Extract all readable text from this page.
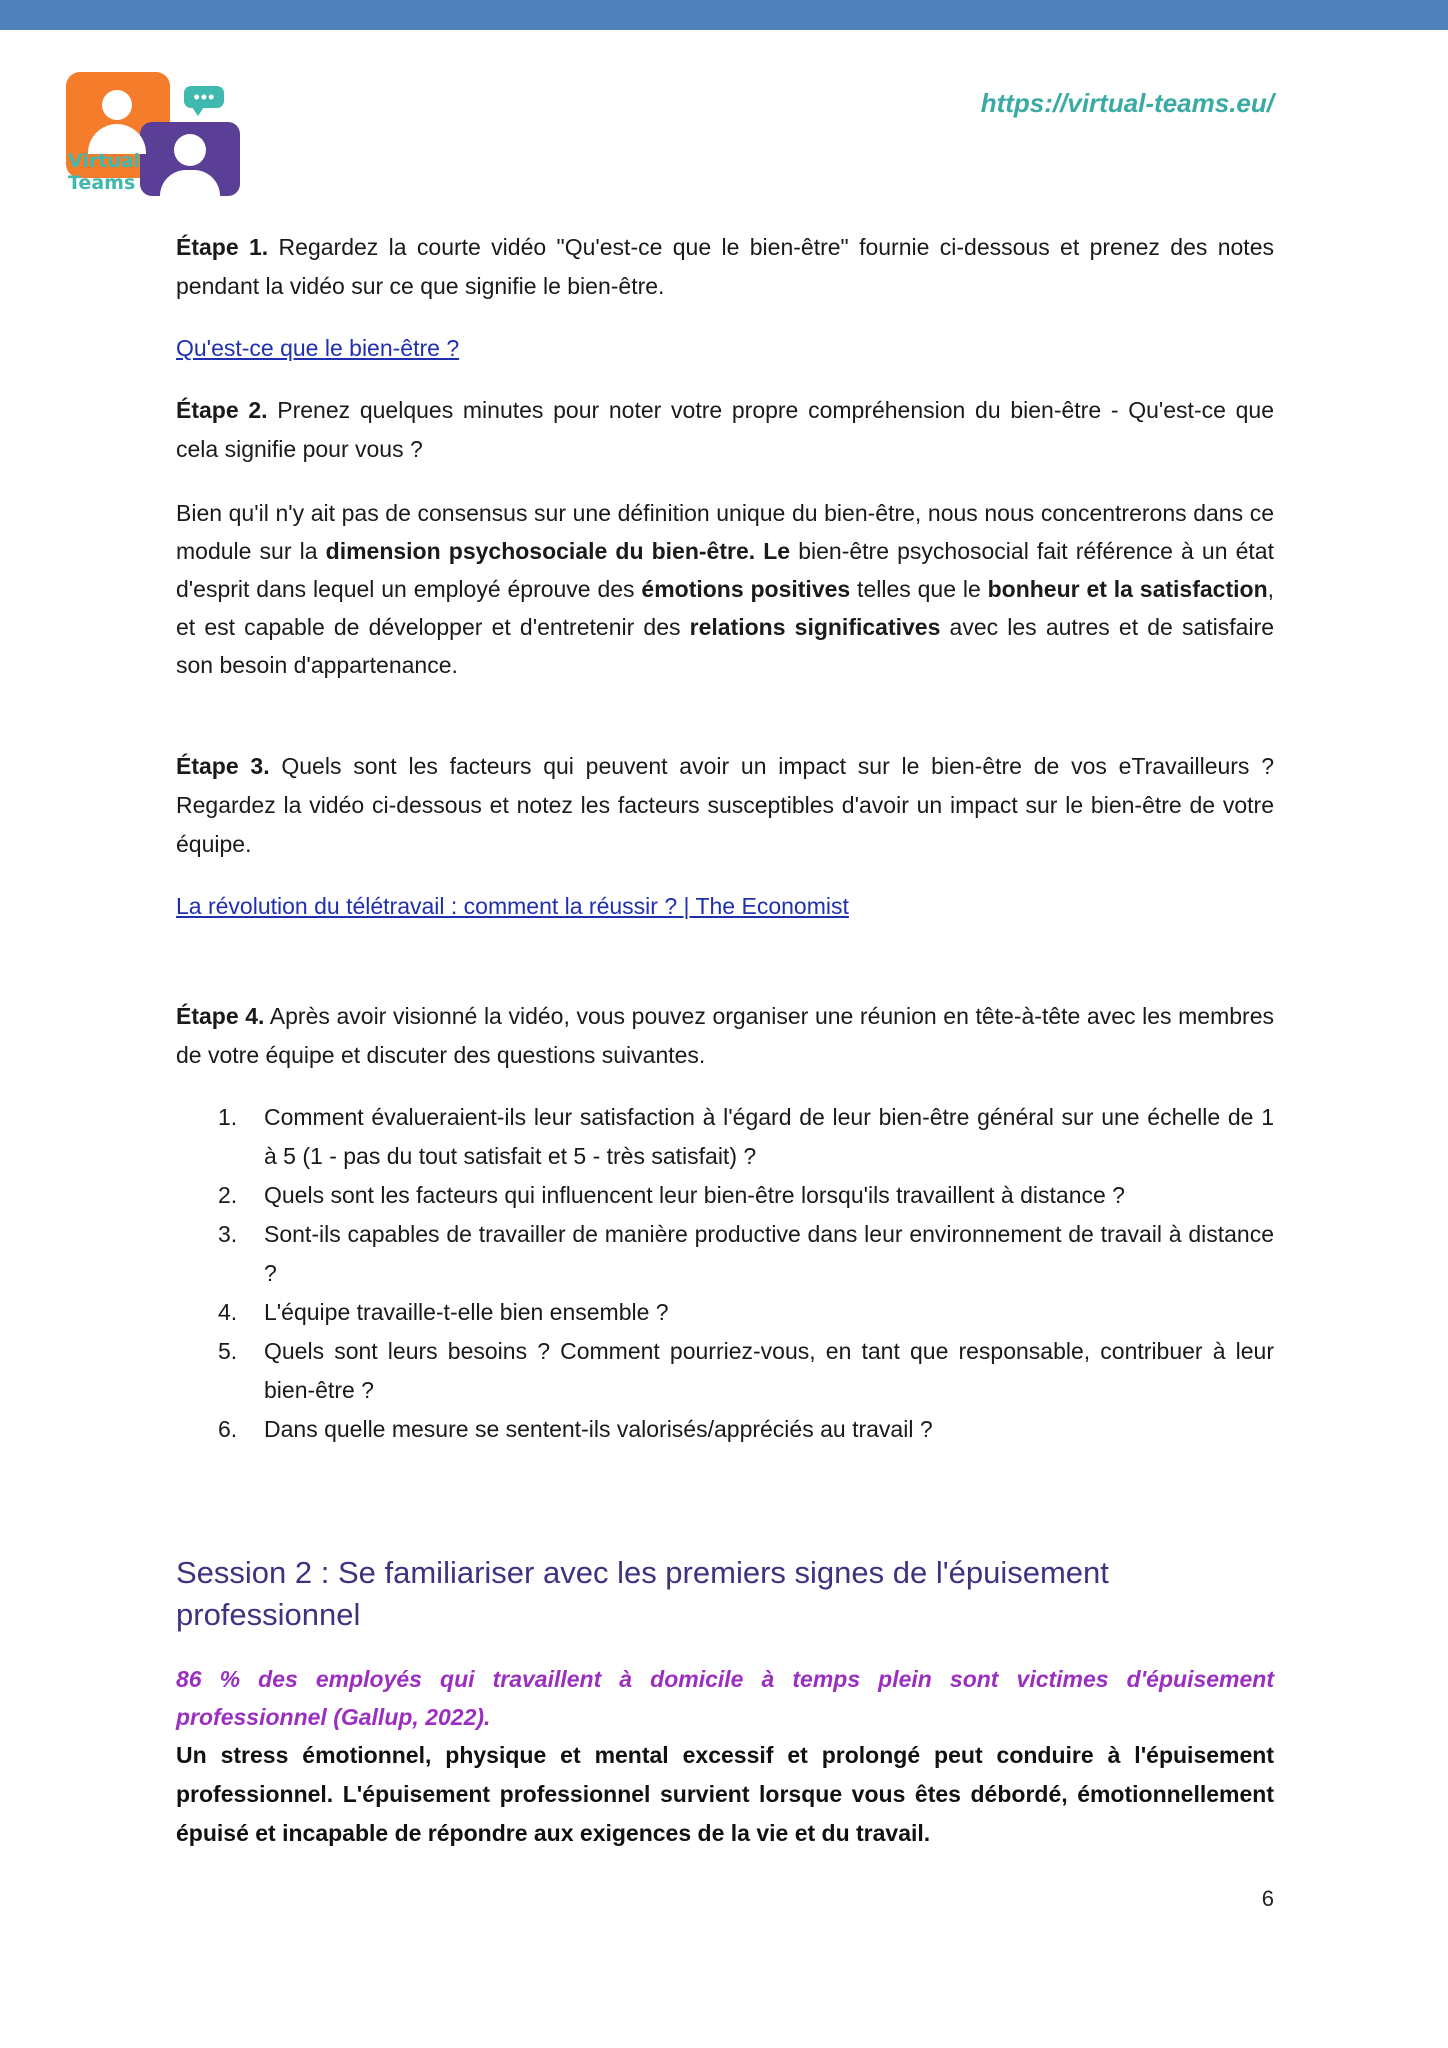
Virtual
Teams
https://virtual-teams.eu/

Étape 1. Regardez la courte vidéo "Qu'est-ce que le bien-être" fournie ci-dessous et prenez des notes pendant la vidéo sur ce que signifie le bien-être.

Qu'est-ce que le bien-être ?

Étape 2. Prenez quelques minutes pour noter votre propre compréhension du bien-être - Qu'est-ce que cela signifie pour vous ?

Bien qu'il n'y ait pas de consensus sur une définition unique du bien-être, nous nous concentrerons dans ce module sur la dimension psychosociale du bien-être. Le bien-être psychosocial fait référence à un état d'esprit dans lequel un employé éprouve des émotions positives telles que le bonheur et la satisfaction, et est capable de développer et d'entretenir des relations significatives avec les autres et de satisfaire son besoin d'appartenance.

Étape 3. Quels sont les facteurs qui peuvent avoir un impact sur le bien-être de vos eTravailleurs ? Regardez la vidéo ci-dessous et notez les facteurs susceptibles d'avoir un impact sur le bien-être de votre équipe.

La révolution du télétravail : comment la réussir ? | The Economist

Étape 4. Après avoir visionné la vidéo, vous pouvez organiser une réunion en tête-à-tête avec les membres de votre équipe et discuter des questions suivantes.

1.	Comment évalueraient-ils leur satisfaction à l'égard de leur bien-être général sur une échelle de 1 à 5 (1 - pas du tout satisfait et 5 - très satisfait) ?
2.	Quels sont les facteurs qui influencent leur bien-être lorsqu'ils travaillent à distance ?
3.	Sont-ils capables de travailler de manière productive dans leur environnement de travail à distance ?
4.	L'équipe travaille-t-elle bien ensemble ?
5.	Quels sont leurs besoins ? Comment pourriez-vous, en tant que responsable, contribuer à leur bien-être ?
6.	Dans quelle mesure se sentent-ils valorisés/appréciés au travail ?
Session 2 : Se familiariser avec les premiers signes de l'épuisement professionnel
86 % des employés qui travaillent à domicile à temps plein sont victimes d'épuisement professionnel (Gallup, 2022).
Un stress émotionnel, physique et mental excessif et prolongé peut conduire à l'épuisement professionnel. L'épuisement professionnel survient lorsque vous êtes débordé, émotionnellement épuisé et incapable de répondre aux exigences de la vie et du travail.
6
